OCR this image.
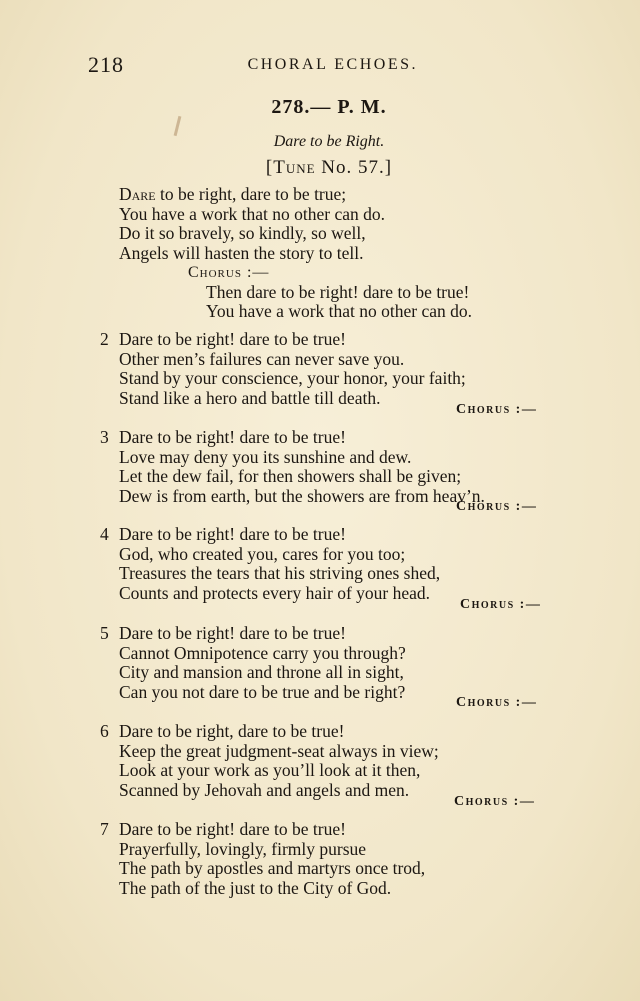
218	CHORAL ECHOES.
278.— P. M.
Dare to be Right.
[Tune No. 57.]
Dare to be right, dare to be true;
You have a work that no other can do.
Do it so bravely, so kindly, so well,
Angels will hasten the story to tell.
Chorus :—
Then dare to be right! dare to be true!
You have a work that no other can do.
2 Dare to be right! dare to be true!
Other men’s failures can never save you.
Stand by your conscience, your honor, your faith;
Stand like a hero and battle till death.
Chorus :—
3 Dare to be right! dare to be true!
Love may deny you its sunshine and dew.
Let the dew fail, for then showers shall be given;
Dew is from earth, but the showers are from heav’n.
Chorus :—
4 Dare to be right! dare to be true!
God, who created you, cares for you too;
Treasures the tears that his striving ones shed,
Counts and protects every hair of your head.
Chorus :—
5 Dare to be right! dare to be true!
Cannot Omnipotence carry you through?
City and mansion and throne all in sight,
Can you not dare to be true and be right?
Chorus :—
6 Dare to be right, dare to be true!
Keep the great judgment-seat always in view;
Look at your work as you’ll look at it then,
Scanned by Jehovah and angels and men.
Chorus :—
7 Dare to be right! dare to be true!
Prayerfully, lovingly, firmly pursue
The path by apostles and martyrs once trod,
The path of the just to the City of God.
